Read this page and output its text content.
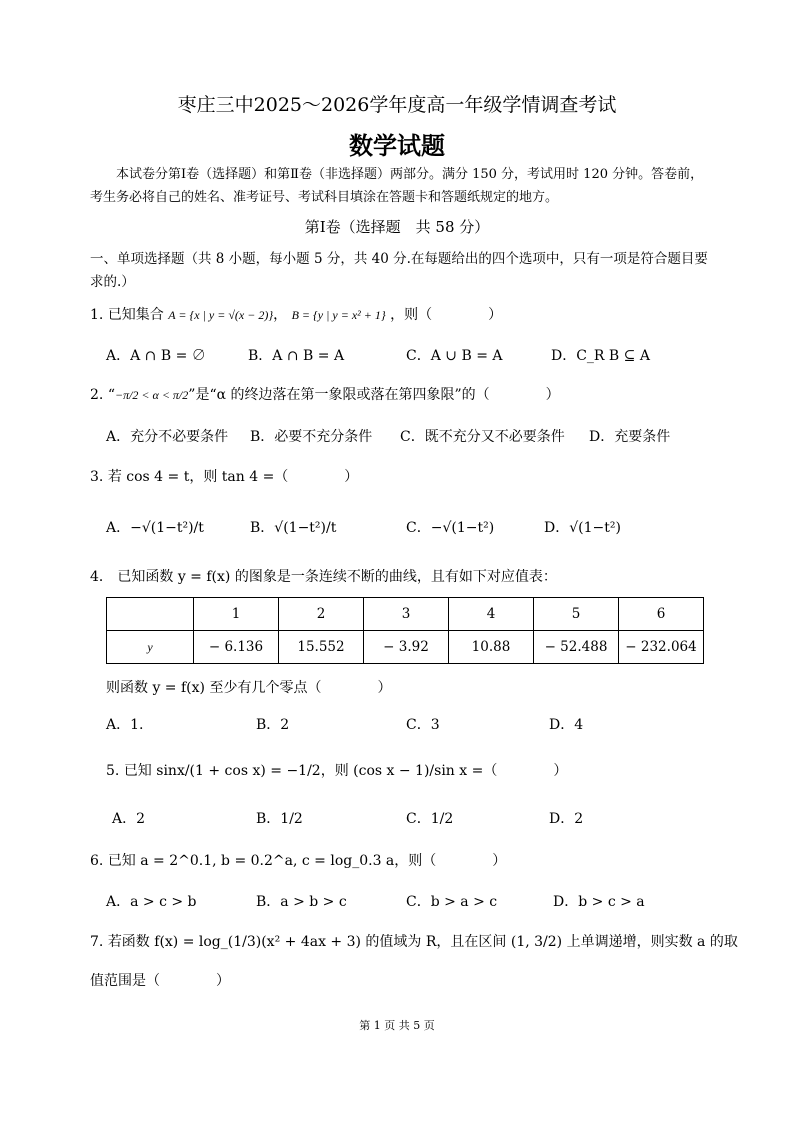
枣庄三中2025～2026学年度高一年级学情调查考试
数学试题
本试卷分第Ⅰ卷（选择题）和第Ⅱ卷（非选择题）两部分。满分 150 分，考试用时 120 分钟。答卷前，考生务必将自己的姓名、准考证号、考试科目填涂在答题卡和答题纸规定的地方。
第Ⅰ卷（选择题　共 58 分）
一、单项选择题（共 8 小题，每小题 5 分，共 40 分.在每题给出的四个选项中，只有一项是符合题目要求的.）
1. 已知集合 A = {x | y = √(x − 2)}， B = {y | y = x² + 1} ，则（　　　　）
A．A ∩ B = ∅	B．A ∩ B = A	C．A ∪ B = A	D．C_R B ⊆ A
2. “−π/2 < α < π/2”是“α 的终边落在第一象限或落在第四象限”的（　　　　）
A．充分不必要条件 B．必要不充分条件 C．既不充分又不必要条件 D．充要条件
3. 若 cos 4 = t，则 tan 4 =（　　　　）
A．−√(1−t²)/t	B．√(1−t²)/t	C．−√(1−t²)	D．√(1−t²)
4． 已知函数 y = f(x) 的图象是一条连续不断的曲线，且有如下对应值表：
	1	2	3	4	5	6
y	− 6.136	15.552	− 3.92	10.88	− 52.488	− 232.064
则函数 y = f(x) 至少有几个零点（　　　　）
A．1.	B．2	C．3	D．4
5. 已知 sinx/(1 + cos x) = −1/2，则 (cos x − 1)/sin x =（　　　　）
A．2	B．1/2	C．1/2	D．2
6. 已知 a = 2^0.1, b = 0.2^a, c = log_0.3 a，则（　　　　）
A．a > c > b	B．a > b > c	C．b > a > c	D．b > c > a
7. 若函数 f(x) = log_(1/3)(x² + 4ax + 3) 的值域为 R，且在区间 (1, 3/2) 上单调递增，则实数 a 的取
值范围是（　　　　）
第 1 页 共 5 页
